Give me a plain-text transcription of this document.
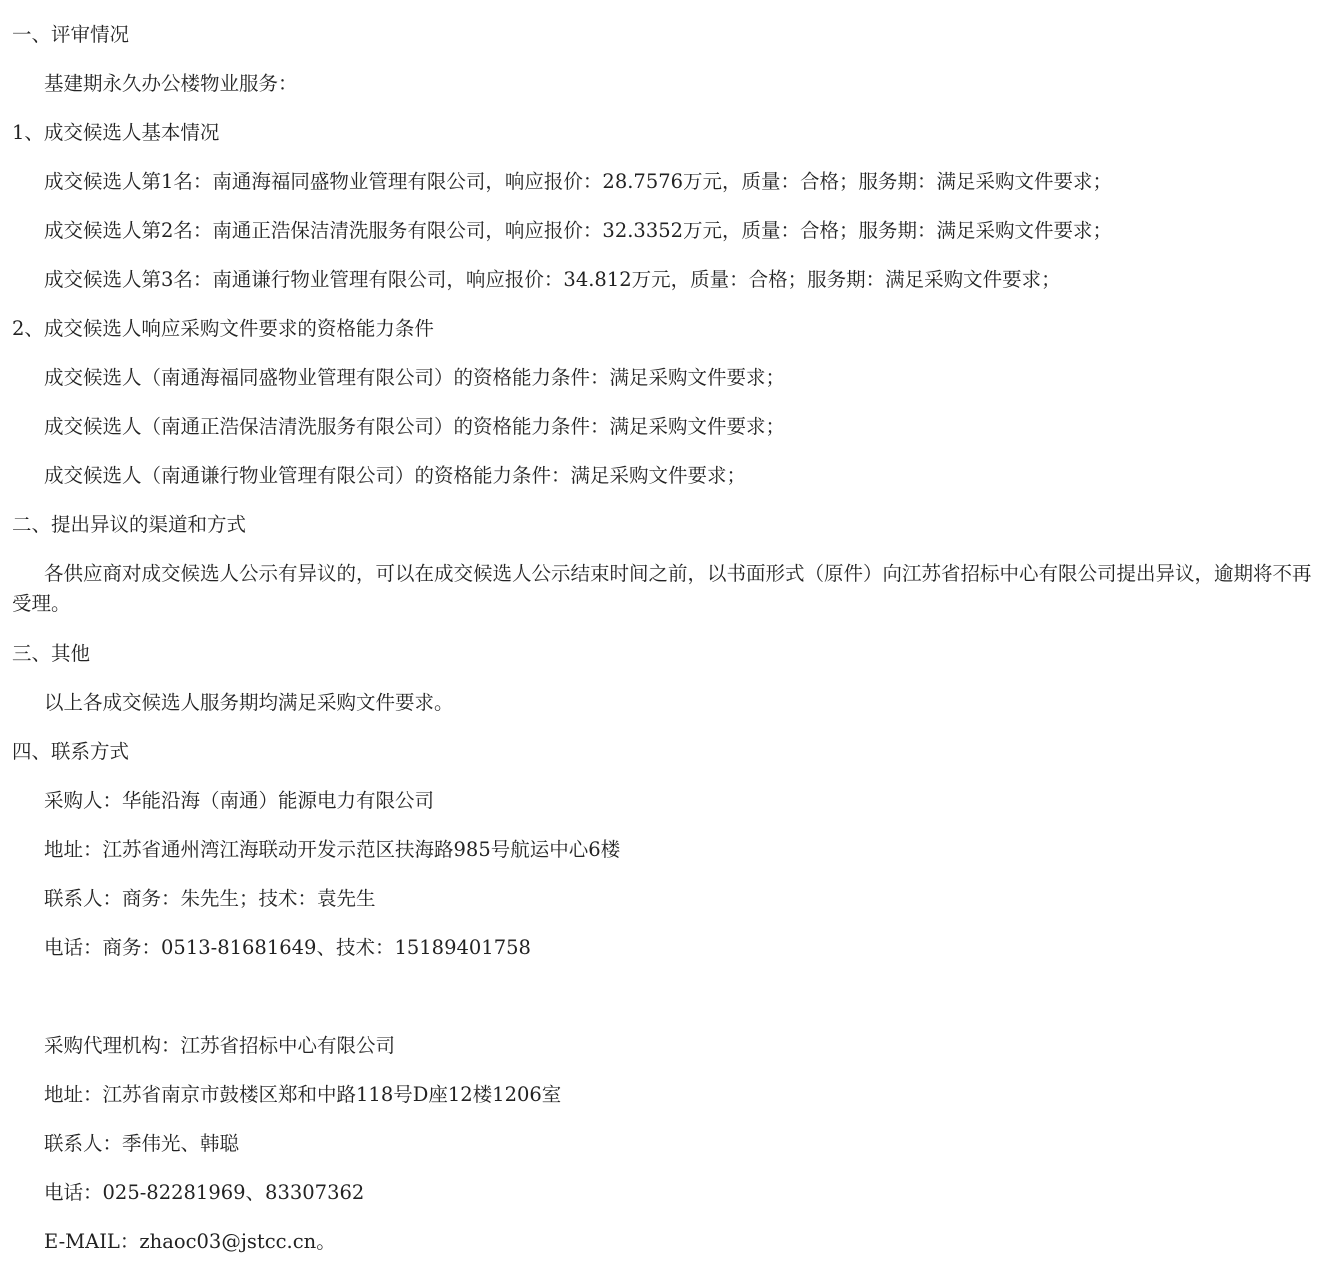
一、评审情况
基建期永久办公楼物业服务：
1、成交候选人基本情况
成交候选人第1名：南通海福同盛物业管理有限公司，响应报价：28.7576万元，质量：合格；服务期：满足采购文件要求；
成交候选人第2名：南通正浩保洁清洗服务有限公司，响应报价：32.3352万元，质量：合格；服务期：满足采购文件要求；
成交候选人第3名：南通谦行物业管理有限公司，响应报价：34.812万元，质量：合格；服务期：满足采购文件要求；
2、成交候选人响应采购文件要求的资格能力条件
成交候选人（南通海福同盛物业管理有限公司）的资格能力条件：满足采购文件要求；
成交候选人（南通正浩保洁清洗服务有限公司）的资格能力条件：满足采购文件要求；
成交候选人（南通谦行物业管理有限公司）的资格能力条件：满足采购文件要求；
二、提出异议的渠道和方式
各供应商对成交候选人公示有异议的，可以在成交候选人公示结束时间之前，以书面形式（原件）向江苏省招标中心有限公司提出异议，逾期将不再受理。
三、其他
以上各成交候选人服务期均满足采购文件要求。
四、联系方式
采购人：华能沿海（南通）能源电力有限公司
地址：江苏省通州湾江海联动开发示范区扶海路985号航运中心6楼
联系人：商务：朱先生；技术：袁先生
电话：商务：0513-81681649、技术：15189401758
采购代理机构：江苏省招标中心有限公司
地址：江苏省南京市鼓楼区郑和中路118号D座12楼1206室
联系人：季伟光、韩聪
电话：025-82281969、83307362
E-MAIL：zhaoc03@jstcc.cn。
